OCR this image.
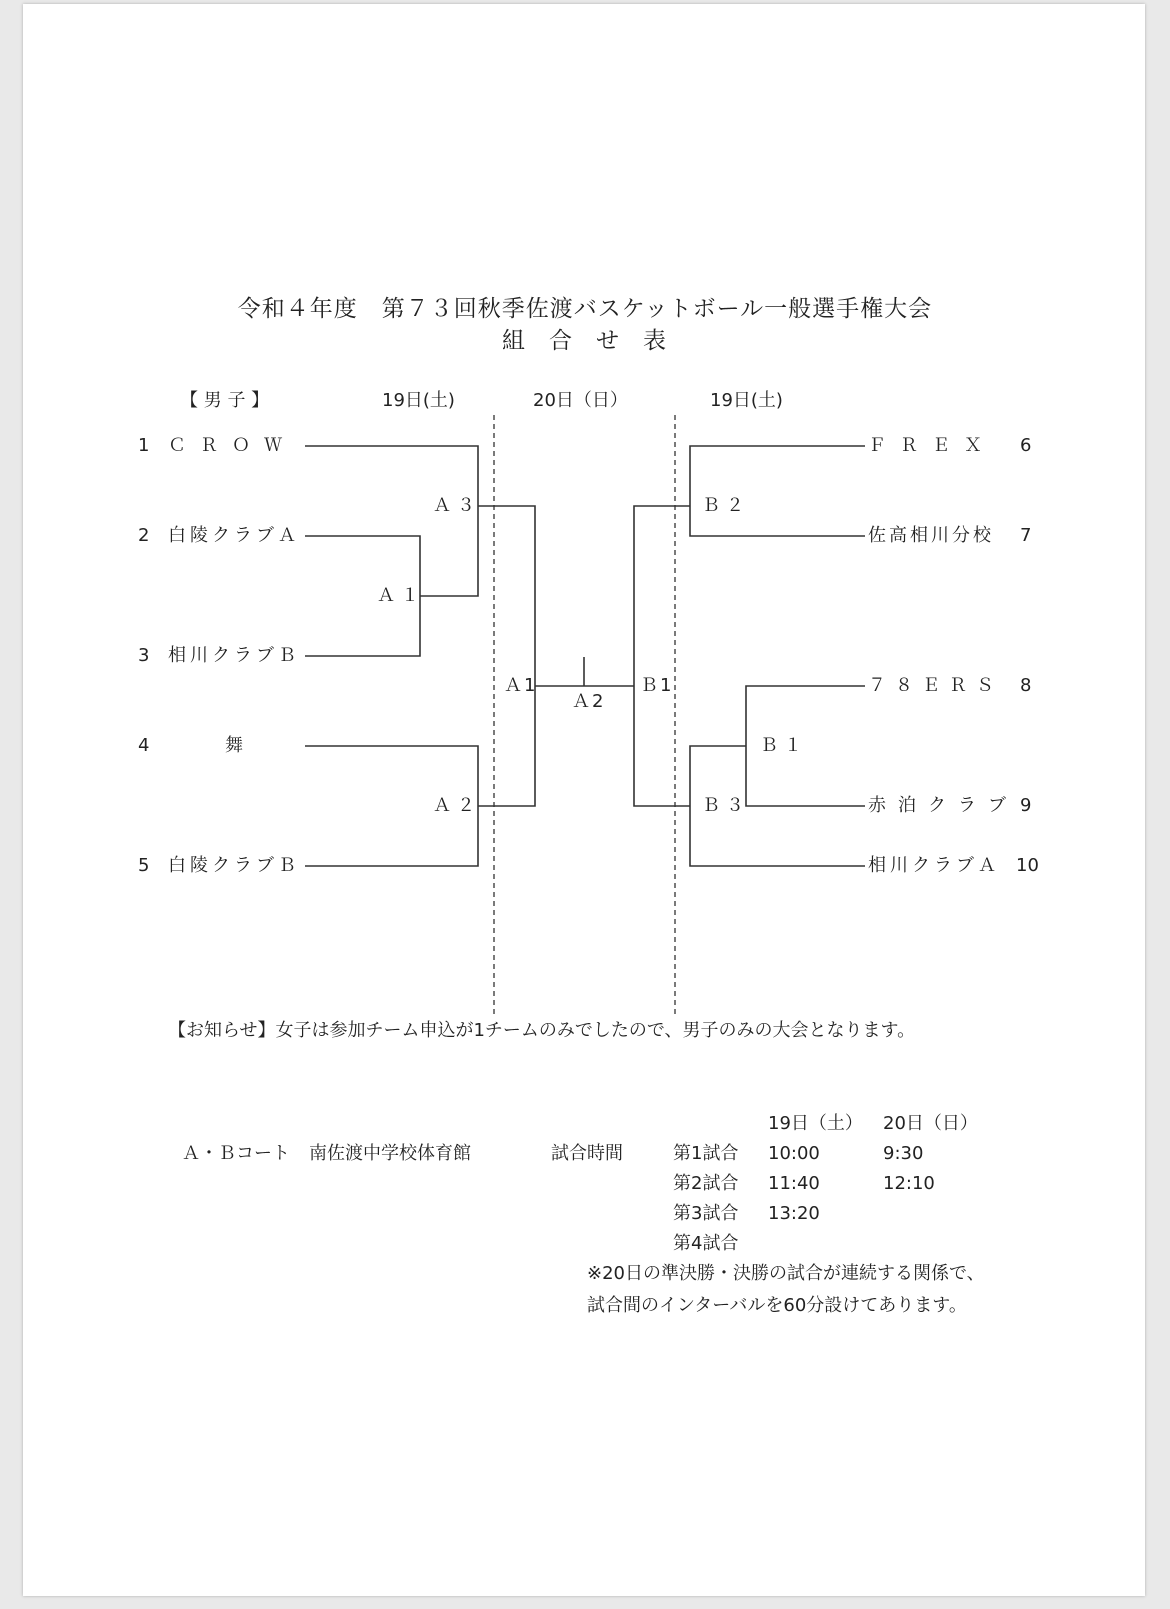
令和４年度　第７３回秋季佐渡バスケットボール一般選手権大会
組合せ表
【 男 子 】	19日(土)	20日（日）	19日(土)
1 ＣＲＯＷ
2 白陵クラブＡ
3 相川クラブＢ
4	舞
5 白陵クラブＢ
ＦＲＥＸ 6
佐高相川分校 7
７８ＥＲＳ 8
赤泊クラブ 9
相川クラブＡ 10
Ａ３
Ａ１
Ａ２
Ａ1
Ａ2
Ｂ1
Ｂ２
Ｂ１
Ｂ３
【お知らせ】女子は参加チーム申込が1チームのみでしたので、男子のみの大会となります。
Ａ・Ｂコート 南佐渡中学校体育館	試合時間
19日（土） 20日（日）
第1試合 10:00	9:30
第2試合 11:40	12:10
第3試合 13:20
第4試合
※20日の準決勝・決勝の試合が連続する関係で、
試合間のインターバルを60分設けてあります。
